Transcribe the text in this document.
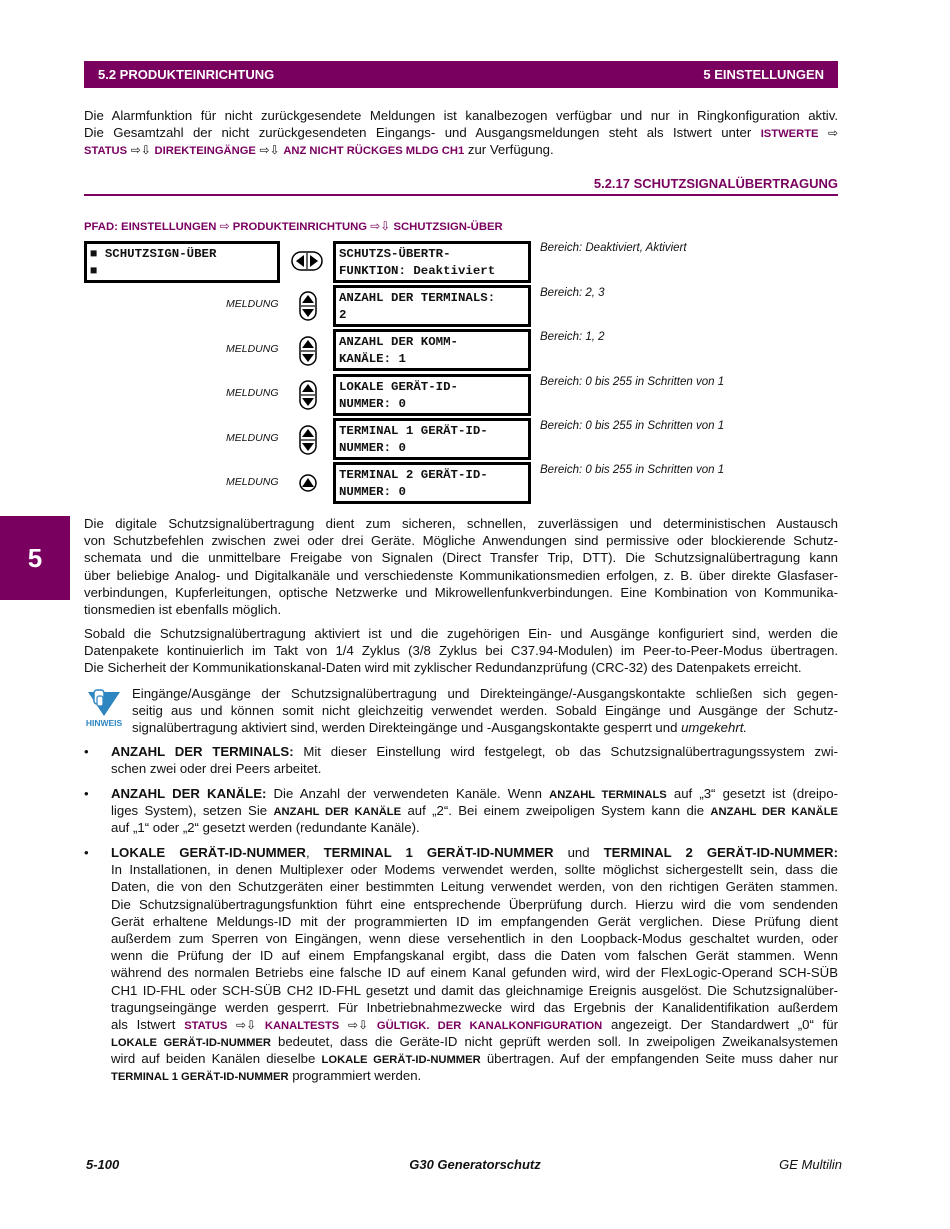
5.2 PRODUKTEINRICHTUNG	5 EINSTELLUNGEN
Die Alarmfunktion für nicht zurückgesendete Meldungen ist kanalbezogen verfügbar und nur in Ringkonfiguration aktiv.
Die Gesamtzahl der nicht zurückgesendeten Eingangs- und Ausgangsmeldungen steht als Istwert unter ISTWERTE ⇨
STATUS ⇨⇩ DIREKTEINGÄNGE ⇨⇩ ANZ NICHT RÜCKGES MLDG CH1 zur Verfügung.
5.2.17 SCHUTZSIGNALÜBERTRAGUNG
PFAD: EINSTELLUNGEN ⇨ PRODUKTEINRICHTUNG ⇨⇩ SCHUTZSIGN-ÜBER
■ SCHUTZSIGN-ÜBER
■
SCHUTZS-ÜBERTR-
FUNKTION: Deaktiviert
Bereich: Deaktiviert, Aktiviert
MELDUNG	ANZAHL DER TERMINALS:
2
Bereich: 2, 3
MELDUNG	ANZAHL DER KOMM-
KANÄLE: 1
Bereich: 1, 2
MELDUNG	LOKALE GERÄT-ID-
NUMMER: 0
Bereich: 0 bis 255 in Schritten von 1
MELDUNG	TERMINAL 1 GERÄT-ID-
NUMMER: 0
Bereich: 0 bis 255 in Schritten von 1
MELDUNG	TERMINAL 2 GERÄT-ID-
NUMMER: 0
Bereich: 0 bis 255 in Schritten von 1
5
Die digitale Schutzsignalübertragung dient zum sicheren, schnellen, zuverlässigen und deterministischen Austausch
von Schutzbefehlen zwischen zwei oder drei Geräte. Mögliche Anwendungen sind permissive oder blockierende Schutz-
schemata und die unmittelbare Freigabe von Signalen (Direct Transfer Trip, DTT). Die Schutzsignalübertragung kann
über beliebige Analog- und Digitalkanäle und verschiedenste Kommunikationsmedien erfolgen, z. B. über direkte Glasfaser-
verbindungen, Kupferleitungen, optische Netzwerke und Mikrowellenfunkverbindungen. Eine Kombination von Kommunika-
tionsmedien ist ebenfalls möglich.
Sobald die Schutzsignalübertragung aktiviert ist und die zugehörigen Ein- und Ausgänge konfiguriert sind, werden die
Datenpakete kontinuierlich im Takt von 1/4 Zyklus (3/8 Zyklus bei C37.94-Modulen) im Peer-to-Peer-Modus übertragen.
Die Sicherheit der Kommunikationskanal-Daten wird mit zyklischer Redundanzprüfung (CRC-32) des Datenpakets erreicht.
HINWEIS
Eingänge/Ausgänge der Schutzsignalübertragung und Direkteingänge/-Ausgangskontakte schließen sich gegen-
seitig aus und können somit nicht gleichzeitig verwendet werden. Sobald Eingänge und Ausgänge der Schutz-
signalübertragung aktiviert sind, werden Direkteingänge und -Ausgangskontakte gesperrt und umgekehrt.
• ANZAHL DER TERMINALS: Mit dieser Einstellung wird festgelegt, ob das Schutzsignalübertragungssystem zwi-
schen zwei oder drei Peers arbeitet.
• ANZAHL DER KANÄLE: Die Anzahl der verwendeten Kanäle. Wenn ANZAHL TERMINALS auf „3“ gesetzt ist (dreipo-
liges System), setzen Sie ANZAHL DER KANÄLE auf „2“. Bei einem zweipoligen System kann die ANZAHL DER KANÄLE
auf „1“ oder „2“ gesetzt werden (redundante Kanäle).
• LOKALE GERÄT-ID-NUMMER, TERMINAL 1 GERÄT-ID-NUMMER und TERMINAL 2 GERÄT-ID-NUMMER:
In Installationen, in denen Multiplexer oder Modems verwendet werden, sollte möglichst sichergestellt sein, dass die
Daten, die von den Schutzgeräten einer bestimmten Leitung verwendet werden, von den richtigen Geräten stammen.
Die Schutzsignalübertragungsfunktion führt eine entsprechende Überprüfung durch. Hierzu wird die vom sendenden
Gerät erhaltene Meldungs-ID mit der programmierten ID im empfangenden Gerät verglichen. Diese Prüfung dient
außerdem zum Sperren von Eingängen, wenn diese versehentlich in den Loopback-Modus geschaltet wurden, oder
wenn die Prüfung der ID auf einem Empfangskanal ergibt, dass die Daten vom falschen Gerät stammen. Wenn
während des normalen Betriebs eine falsche ID auf einem Kanal gefunden wird, wird der FlexLogic-Operand SCH-SÜB
CH1 ID-FHL oder SCH-SÜB CH2 ID-FHL gesetzt und damit das gleichnamige Ereignis ausgelöst. Die Schutzsignalüber-
tragungseingänge werden gesperrt. Für Inbetriebnahmezwecke wird das Ergebnis der Kanalidentifikation außerdem
als Istwert STATUS ⇨⇩ KANALTESTS ⇨⇩ GÜLTIGK. DER KANALKONFIGURATION angezeigt. Der Standardwert „0“ für
LOKALE GERÄT-ID-NUMMER bedeutet, dass die Geräte-ID nicht geprüft werden soll. In zweipoligen Zweikanalsystemen
wird auf beiden Kanälen dieselbe LOKALE GERÄT-ID-NUMMER übertragen. Auf der empfangenden Seite muss daher nur
TERMINAL 1 GERÄT-ID-NUMMER programmiert werden.
5-100	G30 Generatorschutz	GE Multilin
